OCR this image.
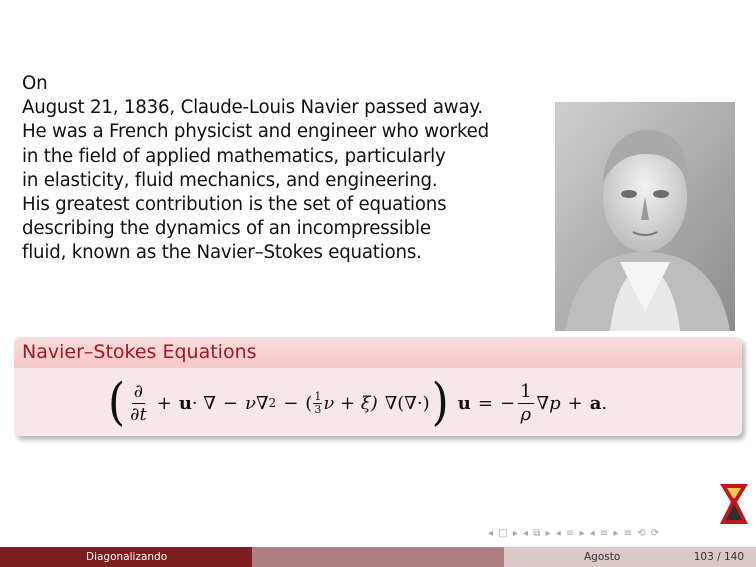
On
August 21, 1836, Claude-Louis Navier passed away.
He was a French physicist and engineer who worked
in the field of applied mathematics, particularly
in elasticity, fluid mechanics, and engineering.
His greatest contribution is the set of equations
describing the dynamics of an incompressible
fluid, known as the Navier–Stokes equations.
Navier–Stokes Equations
( $\frac{\partial}{\partial t} + u$ · ∇ − ν ∇ 2 − ( $\frac{1}{3}$ ν + ξ) ∇(∇·) ) u = − $\frac{1}{\rho} \nabla p + a$ .
◂ □ ▸ ◂ ⧉ ▸ ◂ ≡ ▸ ◂ ≡ ▸ ≡ ⟲ ⟳
Diagonalizando	Agosto	103 / 140
